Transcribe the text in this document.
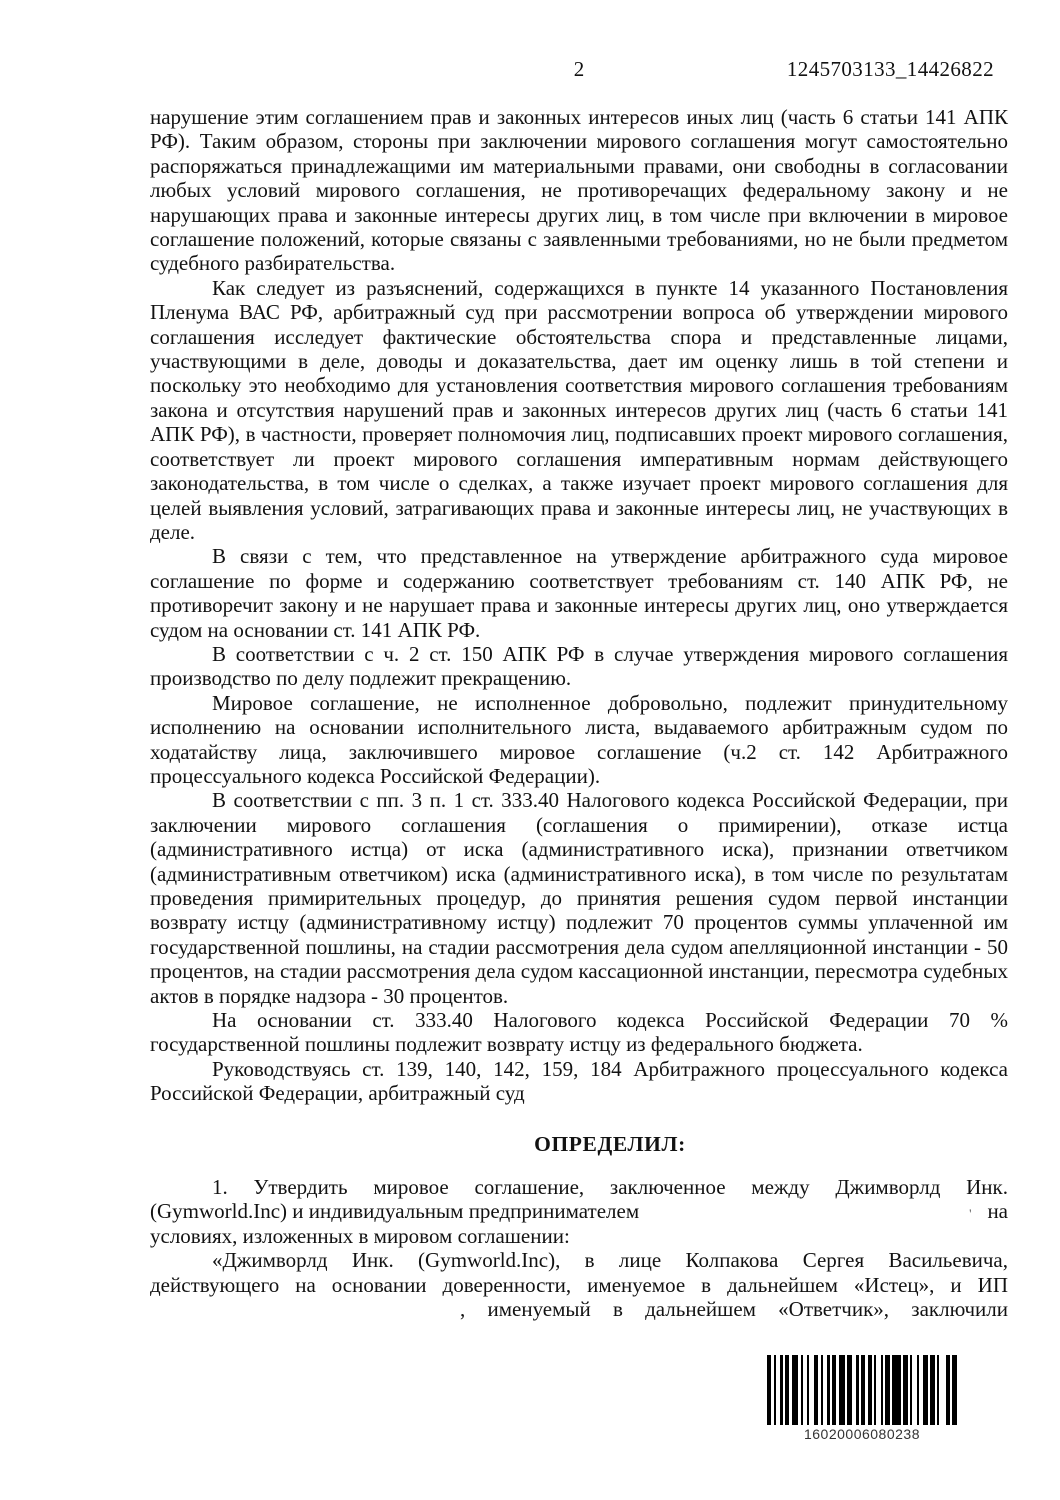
2	1245703133_14426822

нарушение этим соглашением прав и законных интересов иных лиц (часть 6 статьи 141 АПК РФ). Таким образом, стороны при заключении мирового соглашения могут самостоятельно распоряжаться принадлежащими им материальными правами, они свободны в согласовании любых условий мирового соглашения, не противоречащих федеральному закону и не нарушающих права и законные интересы других лиц, в том числе при включении в мировое соглашение положений, которые связаны с заявленными требованиями, но не были предметом судебного разбирательства.

Как следует из разъяснений, содержащихся в пункте 14 указанного Постановления Пленума ВАС РФ, арбитражный суд при рассмотрении вопроса об утверждении мирового соглашения исследует фактические обстоятельства спора и представленные лицами, участвующими в деле, доводы и доказательства, дает им оценку лишь в той степени и поскольку это необходимо для установления соответствия мирового соглашения требованиям закона и отсутствия нарушений прав и законных интересов других лиц (часть 6 статьи 141 АПК РФ), в частности, проверяет полномочия лиц, подписавших проект мирового соглашения, соответствует ли проект мирового соглашения императивным нормам действующего законодательства, в том числе о сделках, а также изучает проект мирового соглашения для целей выявления условий, затрагивающих права и законные интересы лиц, не участвующих в деле.

В связи с тем, что представленное на утверждение арбитражного суда мировое соглашение по форме и содержанию соответствует требованиям ст. 140 АПК РФ, не противоречит закону и не нарушает права и законные интересы других лиц, оно утверждается судом на основании ст. 141 АПК РФ.

В соответствии с ч. 2 ст. 150 АПК РФ в случае утверждения мирового соглашения производство по делу подлежит прекращению.

Мировое соглашение, не исполненное добровольно, подлежит принудительному исполнению на основании исполнительного листа, выдаваемого арбитражным судом по ходатайству лица, заключившего мировое соглашение (ч.2 ст. 142 Арбитражного процессуального кодекса Российской Федерации).

В соответствии с пп. 3 п. 1 ст. 333.40 Налогового кодекса Российской Федерации, при заключении мирового соглашения (соглашения о примирении), отказе истца (административного истца) от иска (административного иска), признании ответчиком (административным ответчиком) иска (административного иска), в том числе по результатам проведения примирительных процедур, до принятия решения судом первой инстанции возврату истцу (административному истцу) подлежит 70 процентов суммы уплаченной им государственной пошлины, на стадии рассмотрения дела судом апелляционной инстанции - 50 процентов, на стадии рассмотрения дела судом кассационной инстанции, пересмотра судебных актов в порядке надзора - 30 процентов.

На основании ст. 333.40 Налогового кодекса Российской Федерации 70 % государственной пошлины подлежит возврату истцу из федерального бюджета.

Руководствуясь ст. 139, 140, 142, 159, 184 Арбитражного процессуального кодекса Российской Федерации, арбитражный суд

ОПРЕДЕЛИЛ:
1. Утвердить мировое соглашение, заключенное между Джимворлд Инк.
(Gymworld.Inc) и индивидуальным предпринимателем	' на
условиях, изложенных в мировом соглашении:
«Джимворлд Инк. (Gymworld.Inc), в лице Колпакова Сергея Васильевича,
действующего на основании доверенности, именуемое в дальнейшем «Истец», и ИП
, именуемый в дальнейшем «Ответчик», заключили
16020006080238
